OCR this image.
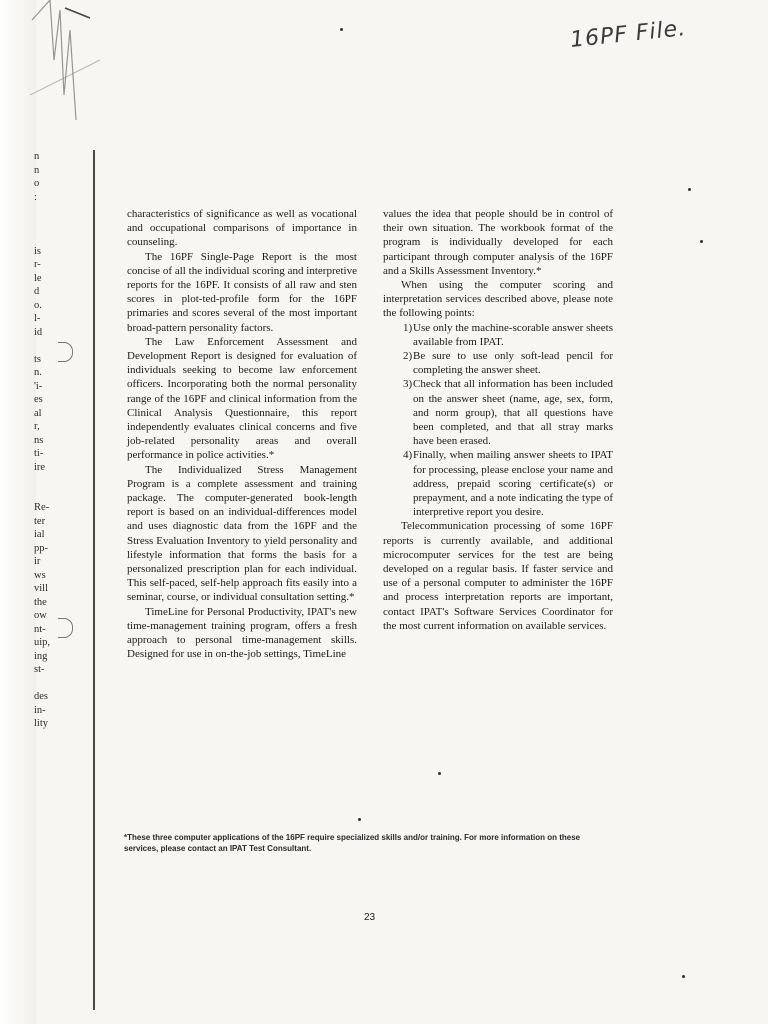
16PF File.
n
n
o
:
is
r-
le
d
o.
l-
id
ts
n.
'i-
es
al
r,
ns
ti-
ire
Re-
ter
ial
pp-
ir
ws
vill
the
ow
nt-
uip,
ing
st-
des
in-
lity

characteristics of significance as well as vocational and occupational comparisons of importance in counseling.

The 16PF Single-Page Report is the most concise of all the individual scoring and interpretive reports for the 16PF. It consists of all raw and sten scores in plot-ted-profile form for the 16PF primaries and scores several of the most important broad-pattern personality factors.

The Law Enforcement Assessment and Development Report is designed for evaluation of individuals seeking to become law enforcement officers. Incorporating both the normal personality range of the 16PF and clinical information from the Clinical Analysis Questionnaire, this report independently evaluates clinical concerns and five job-related personality areas and overall performance in police activities.*

The Individualized Stress Management Program is a complete assessment and training package. The computer-generated book-length report is based on an individual-differences model and uses diagnostic data from the 16PF and the Stress Evaluation Inventory to yield personality and lifestyle information that forms the basis for a personalized prescription plan for each individual. This self-paced, self-help approach fits easily into a seminar, course, or individual consultation setting.*

TimeLine for Personal Productivity, IPAT's new time-management training program, offers a fresh approach to personal time-management skills. Designed for use in on-the-job settings, TimeLine

values the idea that people should be in control of their own situation. The workbook format of the program is individually developed for each participant through computer analysis of the 16PF and a Skills Assessment Inventory.*

When using the computer scoring and interpretation services described above, please note the following points:

1) Use only the machine-scorable answer sheets available from IPAT.
2) Be sure to use only soft-lead pencil for completing the answer sheet.
3) Check that all information has been included on the answer sheet (name, age, sex, form, and norm group), that all questions have been completed, and that all stray marks have been erased.
4) Finally, when mailing answer sheets to IPAT for processing, please enclose your name and address, prepaid scoring certificate(s) or prepayment, and a note indicating the type of interpretive report you desire.

Telecommunication processing of some 16PF reports is currently available, and additional microcomputer services for the test are being developed on a regular basis. If faster service and use of a personal computer to administer the 16PF and process interpretation reports are important, contact IPAT's Software Services Coordinator for the most current information on available services.

*These three computer applications of the 16PF require specialized skills and/or training. For more information on these services, please contact an IPAT Test Consultant.
23
